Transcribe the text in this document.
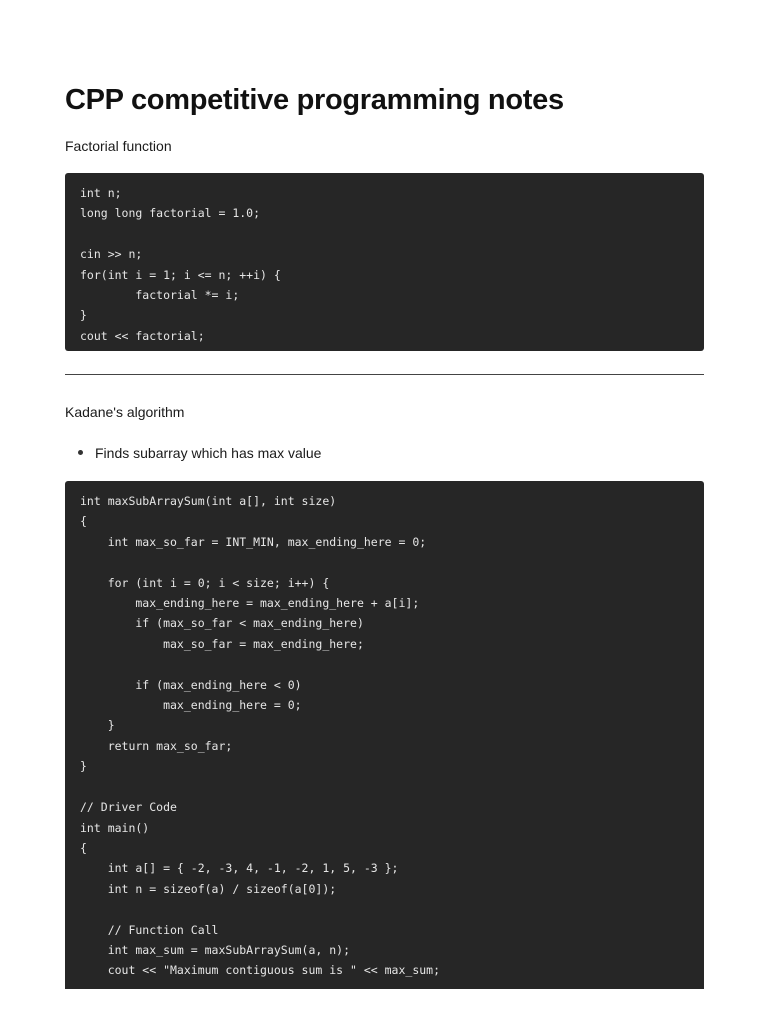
CPP competitive programming notes

Factorial function

int n;
long long factorial = 1.0;

cin >> n;
for(int i = 1; i <= n; ++i) {
factorial *= i;
}
cout << factorial;

Kadane's algorithm

Finds subarray which has max value
int maxSubArraySum(int a[], int size)
{
int max_so_far = INT_MIN, max_ending_here = 0;

for (int i = 0; i < size; i++) {
max_ending_here = max_ending_here + a[i];
if (max_so_far < max_ending_here)
max_so_far = max_ending_here;

if (max_ending_here < 0)
max_ending_here = 0;
}
return max_so_far;
}

// Driver Code
int main()
{
int a[] = { -2, -3, 4, -1, -2, 1, 5, -3 };
int n = sizeof(a) / sizeof(a[0]);

// Function Call
int max_sum = maxSubArraySum(a, n);
cout << "Maximum contiguous sum is " << max_sum;
